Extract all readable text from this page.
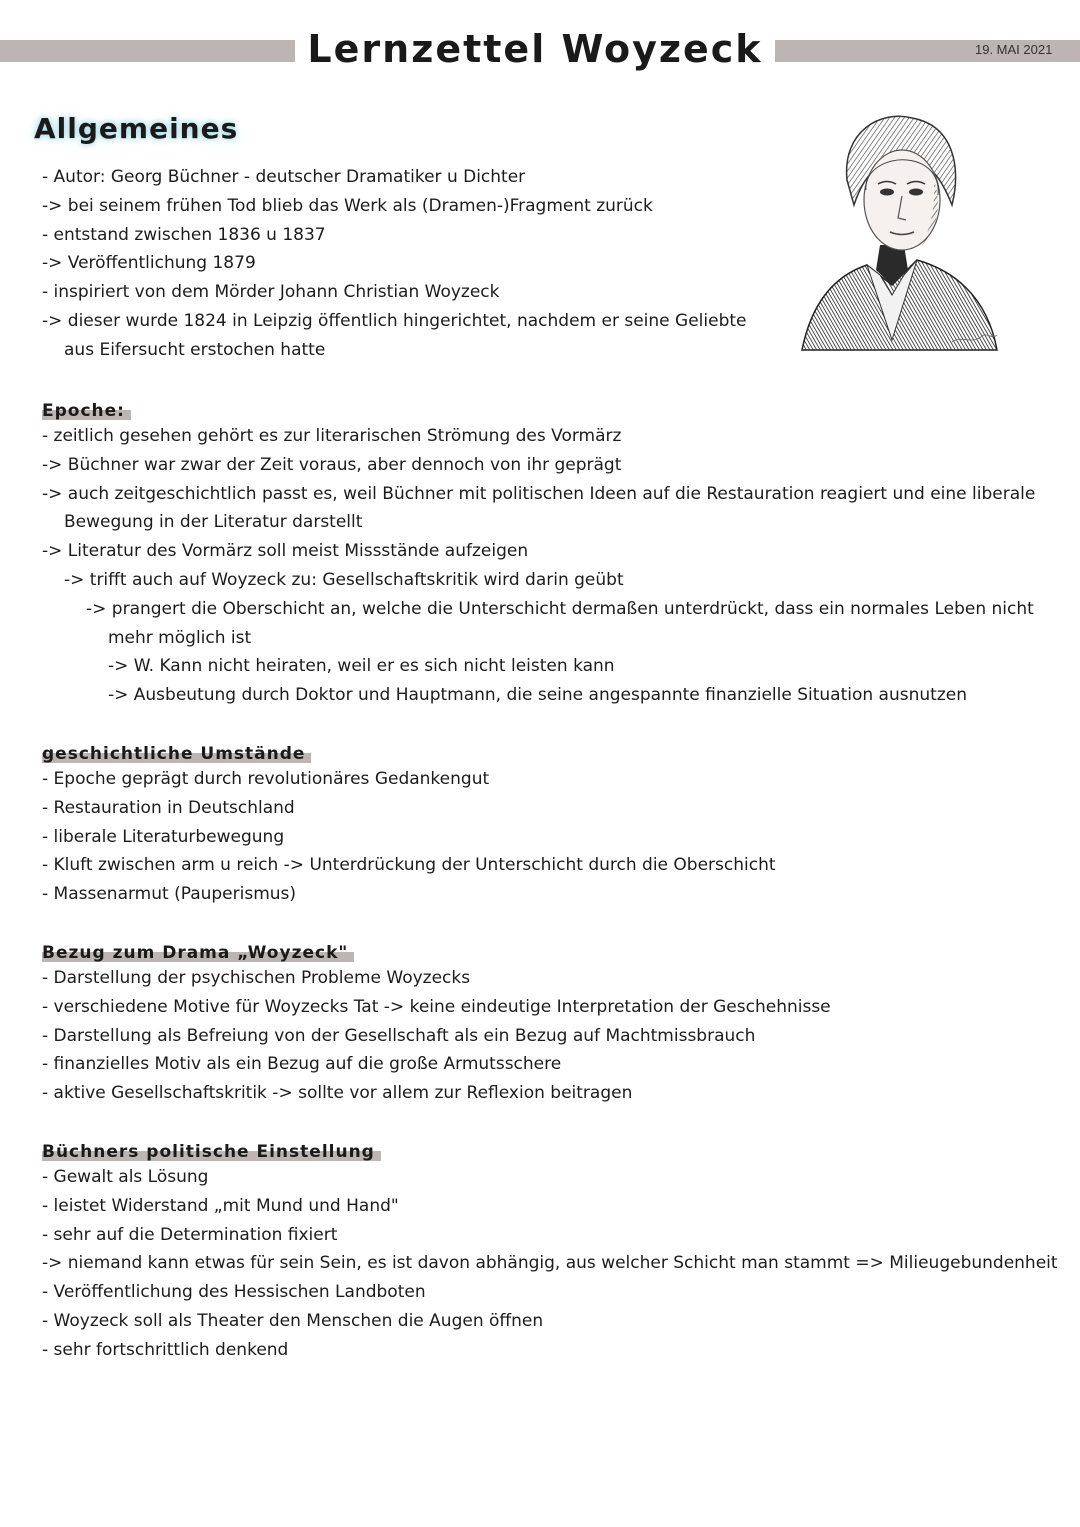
Lernzettel Woyzeck	19. MAI 2021
Allgemeines
- Autor: Georg Büchner - deutscher Dramatiker u Dichter
-> bei seinem frühen Tod blieb das Werk als (Dramen-)Fragment zurück
- entstand zwischen 1836 u 1837
-> Veröffentlichung 1879
- inspiriert von dem Mörder Johann Christian Woyzeck
-> dieser wurde 1824 in Leipzig öffentlich hingerichtet, nachdem er seine Geliebte
aus Eifersucht erstochen hatte
Epoche:
- zeitlich gesehen gehört es zur literarischen Strömung des Vormärz
-> Büchner war zwar der Zeit voraus, aber dennoch von ihr geprägt
-> auch zeitgeschichtlich passt es, weil Büchner mit politischen Ideen auf die Restauration reagiert und eine liberale
Bewegung in der Literatur darstellt
-> Literatur des Vormärz soll meist Missstände aufzeigen
-> trifft auch auf Woyzeck zu: Gesellschaftskritik wird darin geübt
-> prangert die Oberschicht an, welche die Unterschicht dermaßen unterdrückt, dass ein normales Leben nicht
mehr möglich ist
-> W. Kann nicht heiraten, weil er es sich nicht leisten kann
-> Ausbeutung durch Doktor und Hauptmann, die seine angespannte finanzielle Situation ausnutzen
geschichtliche Umstände
- Epoche geprägt durch revolutionäres Gedankengut
- Restauration in Deutschland
- liberale Literaturbewegung
- Kluft zwischen arm u reich -> Unterdrückung der Unterschicht durch die Oberschicht
- Massenarmut (Pauperismus)
Bezug zum Drama „Woyzeck"
- Darstellung der psychischen Probleme Woyzecks
- verschiedene Motive für Woyzecks Tat -> keine eindeutige Interpretation der Geschehnisse
- Darstellung als Befreiung von der Gesellschaft als ein Bezug auf Machtmissbrauch
- finanzielles Motiv als ein Bezug auf die große Armutsschere
- aktive Gesellschaftskritik -> sollte vor allem zur Reflexion beitragen
Büchners politische Einstellung
- Gewalt als Lösung
- leistet Widerstand „mit Mund und Hand"
- sehr auf die Determination fixiert
-> niemand kann etwas für sein Sein, es ist davon abhängig, aus welcher Schicht man stammt => Milieugebundenheit
- Veröffentlichung des Hessischen Landboten
- Woyzeck soll als Theater den Menschen die Augen öffnen
- sehr fortschrittlich denkend
